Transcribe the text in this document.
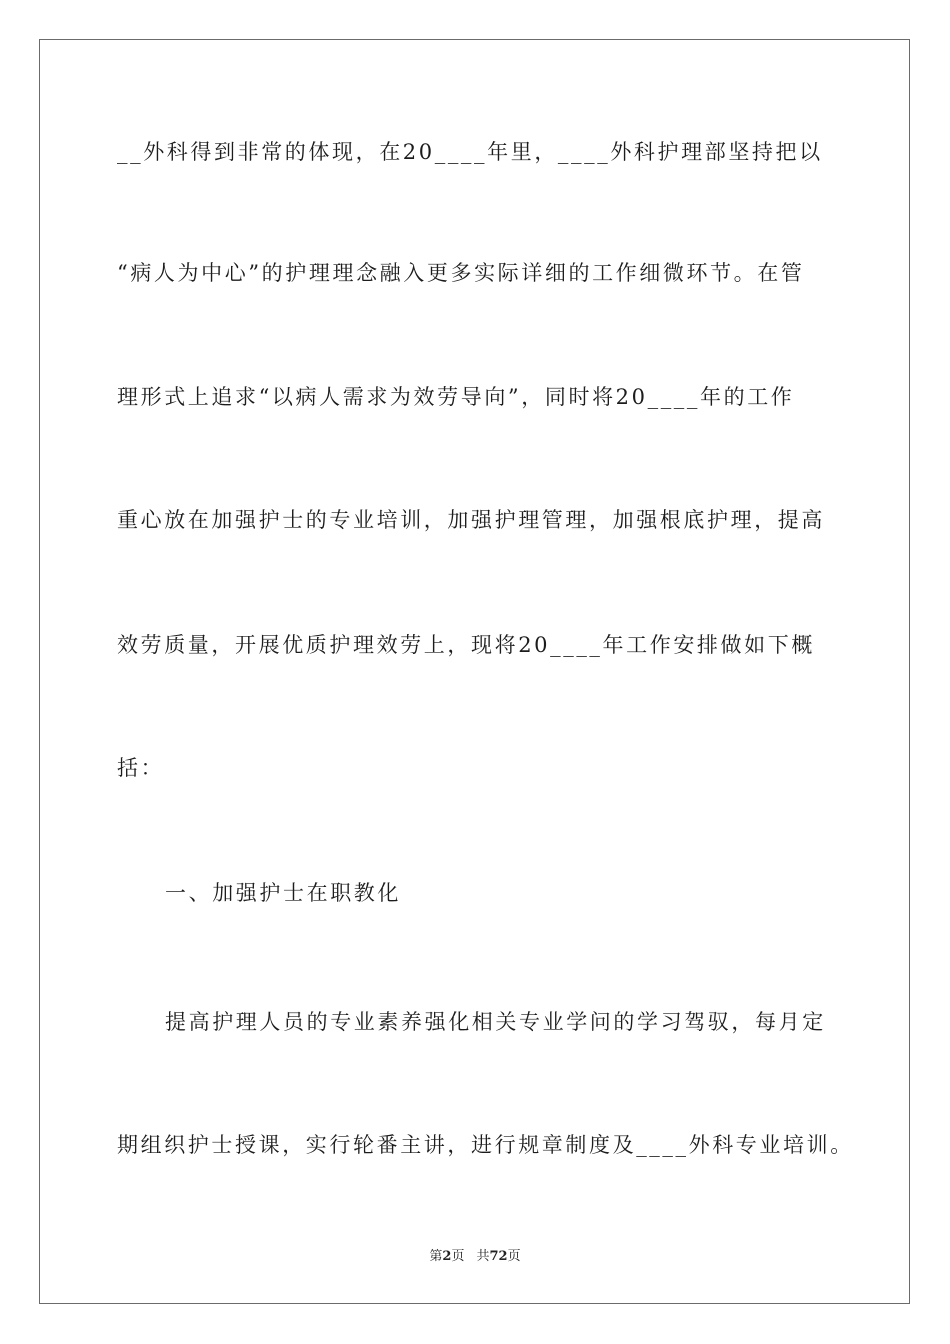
__外科得到非常的体现，在20____年里，____外科护理部坚持把以
“病人为中心”的护理理念融入更多实际详细的工作细微环节。在管
理形式上追求“以病人需求为效劳导向”，同时将20____年的工作
重心放在加强护士的专业培训，加强护理管理，加强根底护理，提高
效劳质量，开展优质护理效劳上，现将20____年工作安排做如下概
括：
一、加强护士在职教化
提高护理人员的专业素养强化相关专业学问的学习驾驭，每月定
期组织护士授课，实行轮番主讲，进行规章制度及____外科专业培训。
第2页 共72页
